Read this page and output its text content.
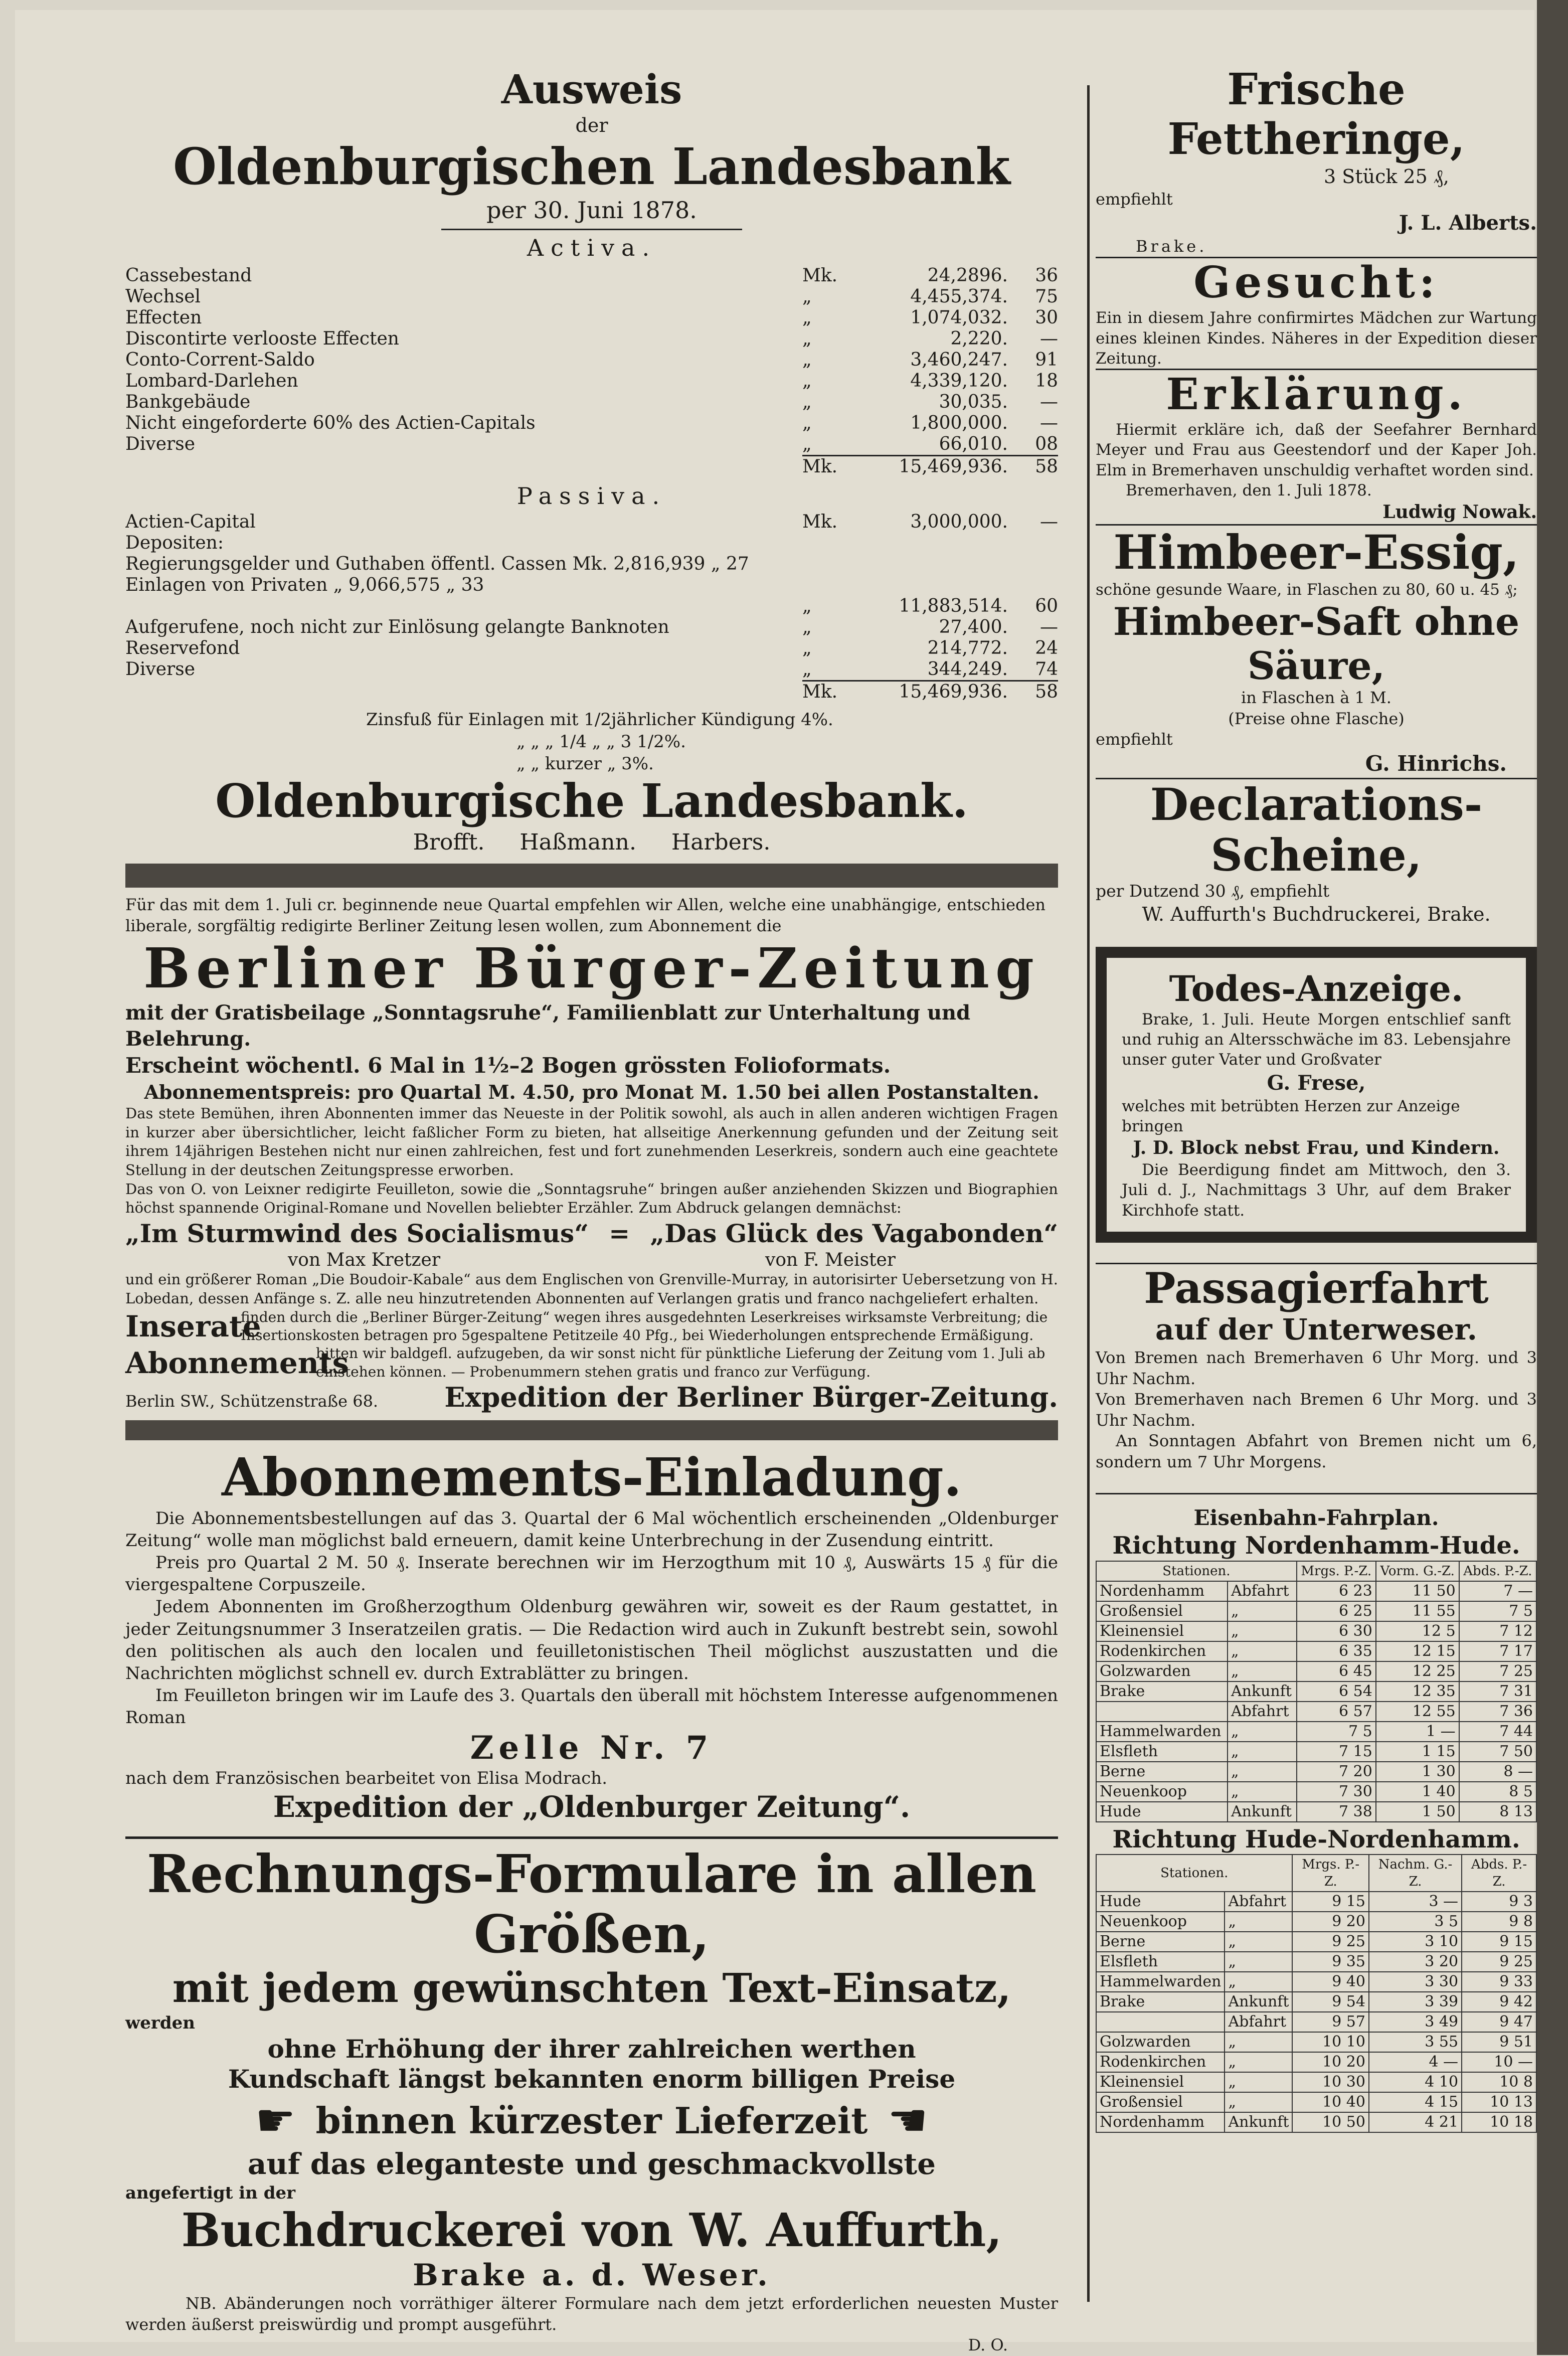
Ausweis
der
Oldenburgischen Landesbank
per 30. Juni 1878.
Activa.
Cassebestand	Mk.	24,2896.	36
Wechsel	„	4,455,374.	75
Effecten	„	1,074,032.	30
Discontirte verlooste Effecten	„	2,220.	—
Conto-Corrent-Saldo	„	3,460,247.	91
Lombard-Darlehen	„	4,339,120.	18
Bankgebäude	„	30,035.	—
Nicht eingeforderte 60% des Actien-Capitals	„	1,800,000.	—
Diverse	„	66,010.	08
Mk.	15,469,936.	58
Passiva.
Actien-Capital	Mk.	3,000,000.	—
Depositen:
Regierungsgelder und Guthaben öffentl. Cassen Mk. 2,816,939 „ 27
Einlagen von Privaten „ 9,066,575 „ 33
„	11,883,514.	60
Aufgerufene, noch nicht zur Einlösung gelangte Banknoten	„	27,400.	—
Reservefond	„	214,772.	24
Diverse	„	344,249.	74
Mk.	15,469,936.	58
Zinsfuß für Einlagen mit 1/2jährlicher Kündigung 4%.
„ „ „ 1/4 „ „ 3 1/2%.
„ „ kurzer „ 3%.
Oldenburgische Landesbank.
Brofft.     Haßmann.     Harbers.
Für das mit dem 1. Juli cr. beginnende neue Quartal empfehlen wir Allen, welche eine unabhängige, entschieden liberale, sorgfältig redigirte Berliner Zeitung lesen wollen, zum Abonnement die
Berliner Bürger-Zeitung
mit der Gratisbeilage „Sonntagsruhe“, Familienblatt zur Unterhaltung und Belehrung.
Erscheint wöchentl. 6 Mal in 1½–2 Bogen grössten Folioformats.
Abonnementspreis: pro Quartal M. 4.50, pro Monat M. 1.50 bei allen Postanstalten.
Das stete Bemühen, ihren Abonnenten immer das Neueste in der Politik sowohl, als auch in allen anderen wichtigen Fragen in kurzer aber übersichtlicher, leicht faßlicher Form zu bieten, hat allseitige Anerkennung gefunden und der Zeitung seit ihrem 14jährigen Bestehen nicht nur einen zahlreichen, fest und fort zunehmenden Leserkreis, sondern auch eine geachtete Stellung in der deutschen Zeitungspresse erworben.
Das von O. von Leixner redigirte Feuilleton, sowie die „Sonntagsruhe“ bringen außer anziehenden Skizzen und Biographien höchst spannende Original-Romane und Novellen beliebter Erzähler. Zum Abdruck gelangen demnächst:
„Im Sturmwind des Socialismus“ = „Das Glück des Vagabonden“
von Max Kretzer	von F. Meister
und ein größerer Roman „Die Boudoir-Kabale“ aus dem Englischen von Grenville-Murray, in autorisirter Uebersetzung von H. Lobedan, dessen Anfänge s. Z. alle neu hinzutretenden Abonnenten auf Verlangen gratis und franco nachgeliefert erhalten.
Inserate
finden durch die „Berliner Bürger-Zeitung“ wegen ihres ausgedehnten Leserkreises wirksamste Verbreitung; die Insertionskosten betragen pro 5gespaltene Petitzeile 40 Pfg., bei Wiederholungen entsprechende Ermäßigung.
Abonnements
bitten wir baldgefl. aufzugeben, da wir sonst nicht für pünktliche Lieferung der Zeitung vom 1. Juli ab einstehen können. — Probenummern stehen gratis und franco zur Verfügung.
Berlin SW., Schützenstraße 68. Expedition der Berliner Bürger-Zeitung.
Abonnements-Einladung.
Die Abonnementsbestellungen auf das 3. Quartal der 6 Mal wöchentlich erscheinenden „Oldenburger Zeitung“ wolle man möglichst bald erneuern, damit keine Unterbrechung in der Zusendung eintritt.
Preis pro Quartal 2 M. 50 ₰. Inserate berechnen wir im Herzogthum mit 10 ₰, Auswärts 15 ₰ für die viergespaltene Corpuszeile.
Jedem Abonnenten im Großherzogthum Oldenburg gewähren wir, soweit es der Raum gestattet, in jeder Zeitungsnummer 3 Inseratzeilen gratis. — Die Redaction wird auch in Zukunft bestrebt sein, sowohl den politischen als auch den localen und feuilletonistischen Theil möglichst auszustatten und die Nachrichten möglichst schnell ev. durch Extrablätter zu bringen.
Im Feuilleton bringen wir im Laufe des 3. Quartals den überall mit höchstem Interesse aufgenommenen Roman
Zelle Nr. 7
nach dem Französischen bearbeitet von Elisa Modrach.
Expedition der „Oldenburger Zeitung“.
Rechnungs-Formulare in allen Größen,
mit jedem gewünschten Text-Einsatz,
werden
ohne Erhöhung der ihrer zahlreichen werthen Kundschaft längst bekannten enorm billigen Preise
☛ binnen kürzester Lieferzeit ☛
auf das eleganteste und geschmackvollste
angefertigt in der
Buchdruckerei von W. Auffurth,
Brake a. d. Weser.
NB. Abänderungen noch vorräthiger älterer Formulare nach dem jetzt erforderlichen neuesten Muster werden äußerst preiswürdig und prompt ausgeführt.
D. O.
Frische Fettheringe,
3 Stück 25 ₰,
empfiehlt
J. L. Alberts.
Brake.
Gesucht:
Ein in diesem Jahre confirmirtes Mädchen zur Wartung eines kleinen Kindes. Näheres in der Expedition dieser Zeitung.
Erklärung.
Hiermit erkläre ich, daß der Seefahrer Bernhard Meyer und Frau aus Geestendorf und der Kaper Joh. Elm in Bremerhaven unschuldig verhaftet worden sind.
Bremerhaven, den 1. Juli 1878.
Ludwig Nowak.
Himbeer-Essig,
schöne gesunde Waare, in Flaschen zu 80, 60 u. 45 ₰;
Himbeer-Saft ohne Säure,
in Flaschen à 1 M.
(Preise ohne Flasche)
empfiehlt
G. Hinrichs.
Declarations-Scheine,
per Dutzend 30 ₰, empfiehlt
W. Auffurth's Buchdruckerei, Brake.
Todes-Anzeige.
Brake, 1. Juli. Heute Morgen entschlief sanft und ruhig an Altersschwäche im 83. Lebensjahre unser guter Vater und Großvater
G. Frese,
welches mit betrübten Herzen zur Anzeige bringen
J. D. Block nebst Frau, und Kindern.
Die Beerdigung findet am Mittwoch, den 3. Juli d. J., Nachmittags 3 Uhr, auf dem Braker Kirchhofe statt.
Passagierfahrt
auf der Unterweser.
Von Bremen nach Bremerhaven 6 Uhr Morg. und 3 Uhr Nachm.
Von Bremerhaven nach Bremen 6 Uhr Morg. und 3 Uhr Nachm.
An Sonntagen Abfahrt von Bremen nicht um 6, sondern um 7 Uhr Morgens.
Eisenbahn-Fahrplan.
Richtung Nordenhamm-Hude.
Stationen.		Mrgs. P.-Z.	Vorm. G.-Z.	Abds. P.-Z.
Nordenhamm	Abfahrt	6 23	11 50	7 —
Großensiel	„	6 25	11 55	7 5
Kleinensiel	„	6 30	12 5	7 12
Rodenkirchen	„	6 35	12 15	7 17
Golzwarden	„	6 45	12 25	7 25
Brake	Ankunft	6 54	12 35	7 31
	Abfahrt	6 57	12 55	7 36
Hammelwarden	„	7 5	1 —	7 44
Elsfleth	„	7 15	1 15	7 50
Berne	„	7 20	1 30	8 —
Neuenkoop	„	7 30	1 40	8 5
Hude	Ankunft	7 38	1 50	8 13
Richtung Hude-Nordenhamm.
Stationen.		Mrgs. P.-Z.	Nachm. G.-Z.	Abds. P.-Z.
Hude	Abfahrt	9 15	3 —	9 3
Neuenkoop	„	9 20	3 5	9 8
Berne	„	9 25	3 10	9 15
Elsfleth	„	9 35	3 20	9 25
Hammelwarden	„	9 40	3 30	9 33
Brake	Ankunft	9 54	3 39	9 42
	Abfahrt	9 57	3 49	9 47
Golzwarden	„	10 10	3 55	9 51
Rodenkirchen	„	10 20	4 —	10 —
Kleinensiel	„	10 30	4 10	10 8
Großensiel	„	10 40	4 15	10 13
Nordenhamm	Ankunft	10 50	4 21	10 18
